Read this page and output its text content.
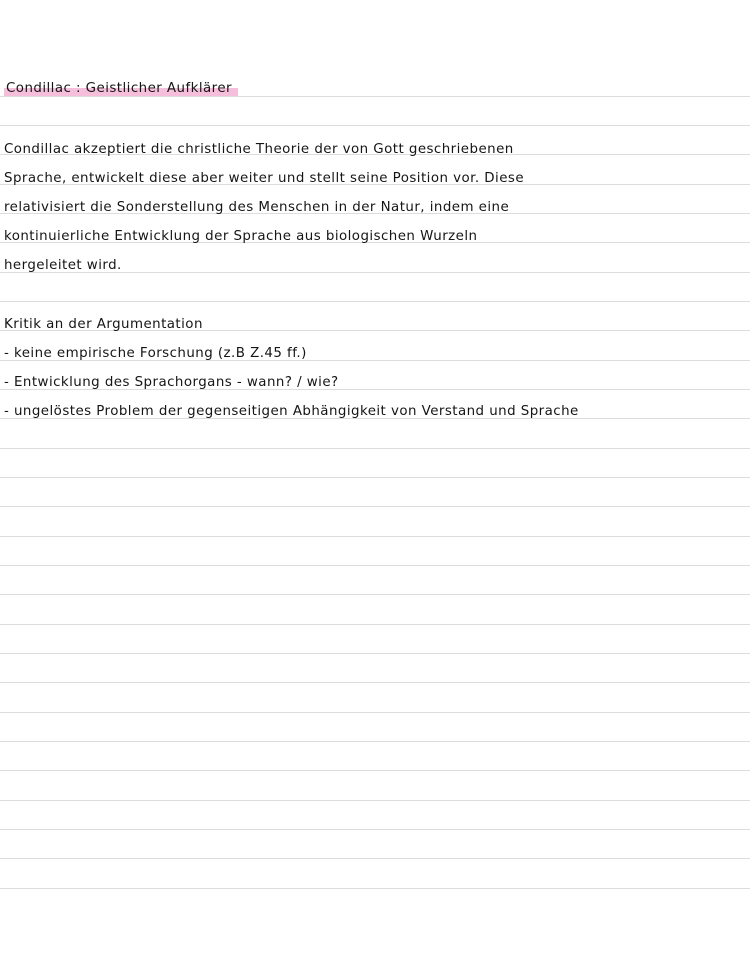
Condillac : Geistlicher Aufklärer
Condillac akzeptiert die christliche Theorie der von Gott geschriebenen
Sprache, entwickelt diese aber weiter und stellt seine Position vor. Diese
relativisiert die Sonderstellung des Menschen in der Natur, indem eine
kontinuierliche Entwicklung der Sprache aus biologischen Wurzeln
hergeleitet wird.
Kritik an der Argumentation
- keine empirische Forschung (z.B Z.45 ff.)
- Entwicklung des Sprachorgans - wann? / wie?
- ungelöstes Problem der gegenseitigen Abhängigkeit von Verstand und Sprache
